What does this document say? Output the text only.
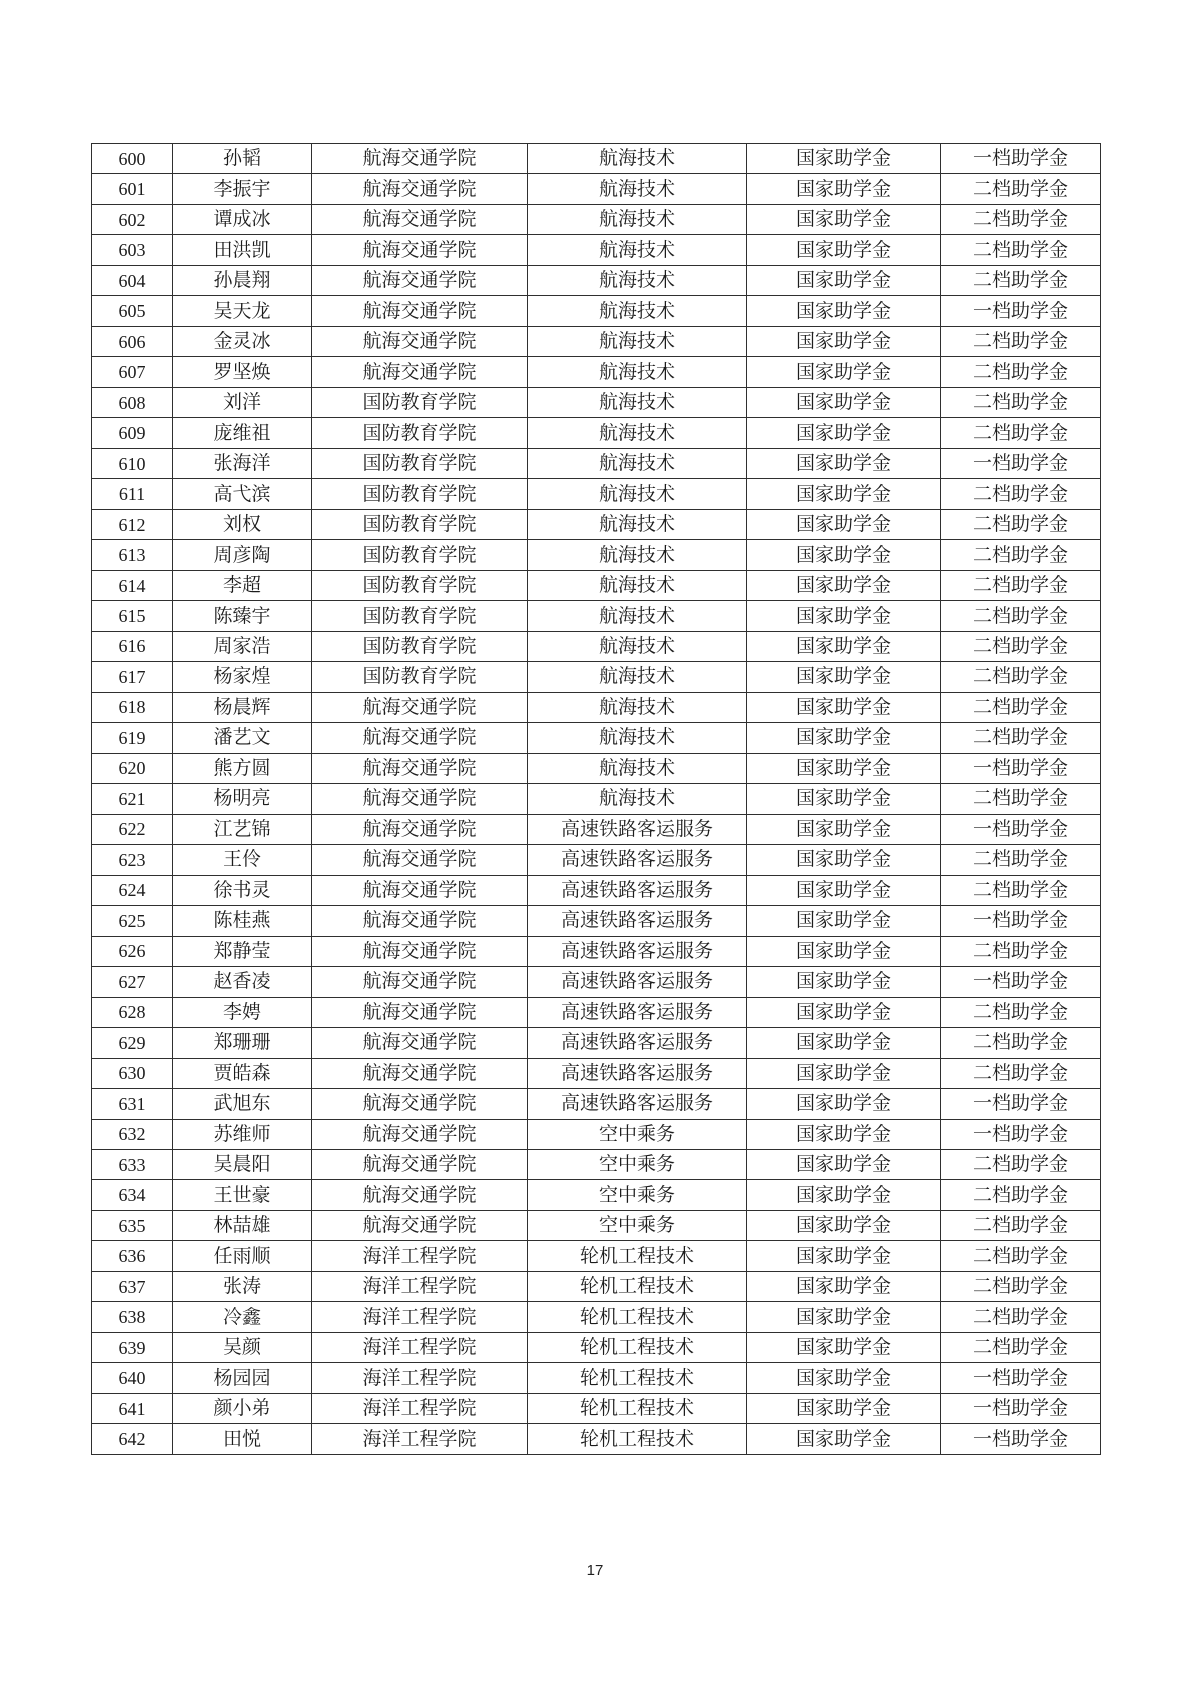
600	孙韬	航海交通学院	航海技术	国家助学金	一档助学金
601	李振宇	航海交通学院	航海技术	国家助学金	二档助学金
602	谭成冰	航海交通学院	航海技术	国家助学金	二档助学金
603	田洪凯	航海交通学院	航海技术	国家助学金	二档助学金
604	孙晨翔	航海交通学院	航海技术	国家助学金	二档助学金
605	吴天龙	航海交通学院	航海技术	国家助学金	一档助学金
606	金灵冰	航海交通学院	航海技术	国家助学金	二档助学金
607	罗坚焕	航海交通学院	航海技术	国家助学金	二档助学金
608	刘洋	国防教育学院	航海技术	国家助学金	二档助学金
609	庞维祖	国防教育学院	航海技术	国家助学金	二档助学金
610	张海洋	国防教育学院	航海技术	国家助学金	一档助学金
611	高弋滨	国防教育学院	航海技术	国家助学金	二档助学金
612	刘权	国防教育学院	航海技术	国家助学金	二档助学金
613	周彦陶	国防教育学院	航海技术	国家助学金	二档助学金
614	李超	国防教育学院	航海技术	国家助学金	二档助学金
615	陈臻宇	国防教育学院	航海技术	国家助学金	二档助学金
616	周家浩	国防教育学院	航海技术	国家助学金	二档助学金
617	杨家煌	国防教育学院	航海技术	国家助学金	二档助学金
618	杨晨辉	航海交通学院	航海技术	国家助学金	二档助学金
619	潘艺文	航海交通学院	航海技术	国家助学金	二档助学金
620	熊方圆	航海交通学院	航海技术	国家助学金	一档助学金
621	杨明亮	航海交通学院	航海技术	国家助学金	二档助学金
622	江艺锦	航海交通学院	高速铁路客运服务	国家助学金	一档助学金
623	王伶	航海交通学院	高速铁路客运服务	国家助学金	二档助学金
624	徐书灵	航海交通学院	高速铁路客运服务	国家助学金	二档助学金
625	陈桂燕	航海交通学院	高速铁路客运服务	国家助学金	一档助学金
626	郑静莹	航海交通学院	高速铁路客运服务	国家助学金	二档助学金
627	赵香凌	航海交通学院	高速铁路客运服务	国家助学金	一档助学金
628	李娉	航海交通学院	高速铁路客运服务	国家助学金	二档助学金
629	郑珊珊	航海交通学院	高速铁路客运服务	国家助学金	二档助学金
630	贾皓森	航海交通学院	高速铁路客运服务	国家助学金	二档助学金
631	武旭东	航海交通学院	高速铁路客运服务	国家助学金	一档助学金
632	苏维师	航海交通学院	空中乘务	国家助学金	一档助学金
633	吴晨阳	航海交通学院	空中乘务	国家助学金	二档助学金
634	王世豪	航海交通学院	空中乘务	国家助学金	二档助学金
635	林喆雄	航海交通学院	空中乘务	国家助学金	二档助学金
636	任雨顺	海洋工程学院	轮机工程技术	国家助学金	二档助学金
637	张涛	海洋工程学院	轮机工程技术	国家助学金	二档助学金
638	冷鑫	海洋工程学院	轮机工程技术	国家助学金	二档助学金
639	吴颜	海洋工程学院	轮机工程技术	国家助学金	二档助学金
640	杨园园	海洋工程学院	轮机工程技术	国家助学金	一档助学金
641	颜小弟	海洋工程学院	轮机工程技术	国家助学金	一档助学金
642	田悦	海洋工程学院	轮机工程技术	国家助学金	一档助学金
17
